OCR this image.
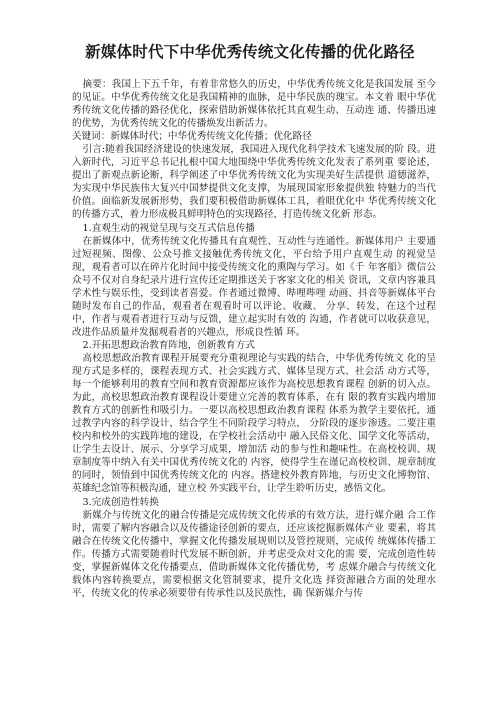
新媒体时代下中华优秀传统文化传播的优化路径

摘要：我国上下五千年，有着非常悠久的历史，中华优秀传统文化是我国发展 至今的见证。中华优秀传统文化是我国精神的血脉，是中华民族的瑰宝。本文着 眼中华优秀传统文化传播的路径优化，探索借助新媒体依托其直观生动、互动连 通、传播迅速的优势，为优秀传统文化的传播焕发出新活力。

关键词：新媒体时代；中华优秀传统文化传播；优化路径

引言:随着我国经济建设的快速发展，我国进入现代化科学技术飞速发展的阶 段。进入新时代，习近平总书记扎根中国大地围绕中华优秀传统文化发表了系列重 要论述，提出了新观点新论断，科学阐述了中华优秀传统文化为实现美好生活提供 道德滋养，为实现中华民族伟大复兴中国梦提供文化支撑，为展现国家形象提供独 特魅力的当代价值。面临新发展新形势，我们要积极借助新媒体工具，着眼优化中 华优秀传统文化的传播方式，着力形成极具鲜明特色的实现路径，打造传统文化新 形态。

1.直观生动的视觉呈现与交互式信息传播

在新媒体中，优秀传统文化传播具有直观性、互动性与连通性。新媒体用户 主要通过短视频、图像、公众号推文接触优秀传统文化，平台给予用户直观生动 的视觉呈现，观看者可以在碎片化时间中接受传统文化的熏陶与学习。如《千 年客船》微信公众号不仅对自身纪录片进行宣传还定期推送关于客家文化的相关 资讯，文章内容兼具学术性与娱乐性，受到读者喜爱。作者通过微博、哔哩哔哩 动画、抖音等新媒体平台随时发布自己的作品，观看者在观看时可以评论、收藏、 分享、转发，在这个过程中，作者与观看者进行互动与反馈，建立起实时有效的 沟通，作者就可以收获意见，改进作品质量并发掘观看者的兴趣点，形成良性循 环。

2.开拓思想政治教育阵地，创新教育方式

高校思想政治教育课程开展要充分重视理论与实践的结合，中华优秀传统文 化的呈现方式是多样的，课程表现方式、社会实践方式、媒体呈现方式、社会活 动方式等，每一个能够利用的教育空间和教育资源都应该作为高校思想教育课程 创新的切入点。为此，高校思想政治教育课程设计要建立完善的教育体系，在有 限的教育实践内增加教育方式的创新性和吸引力。一要以高校思想政治教育课程 体系为教学主要依托，通过教学内容的科学设计，结合学生不同阶段学习特点， 分阶段的逐步渗透。二要注重校内和校外的实践阵地的建设，在学校社会活动中 融入民俗文化、国学文化等活动，让学生去设计、展示、分享学习成果，增加活 动的参与性和趣味性。在高校校训、规章制度等中纳入有关中国优秀传统文化的 内容，使得学生在谨记高校校训、规章制度的同时，领悟到中国优秀传统文化的 内容。搭建校外教育阵地，与历史文化博物馆、英雄纪念馆等积极沟通，建立校 外实践平台，让学生聆听历史，感悟文化。

3.完成创造性转换

新媒介与传统文化的融合传播是完成传统文化传承的有效方法，进行媒介融 合工作时，需要了解内容融合以及传播途径创新的要点，还应该挖掘新媒体产业 要素，将其融合在传统文化传播中，掌握文化传播发展规则以及管控规则，完成传 统媒体传播工作。传播方式需要随着时代发展不断创新，并考虑受众对文化的需 要，完成创造性转变，掌握新媒体文化传播要点，借助新媒体文化传播优势，考 虑媒介融合与传统文化载体内容转换要点，需要根据文化管制要求，提升文化选 择资源融合方面的处理水平，传统文化的传承必须要带有传承性以及民族性，确 保新媒介与传
